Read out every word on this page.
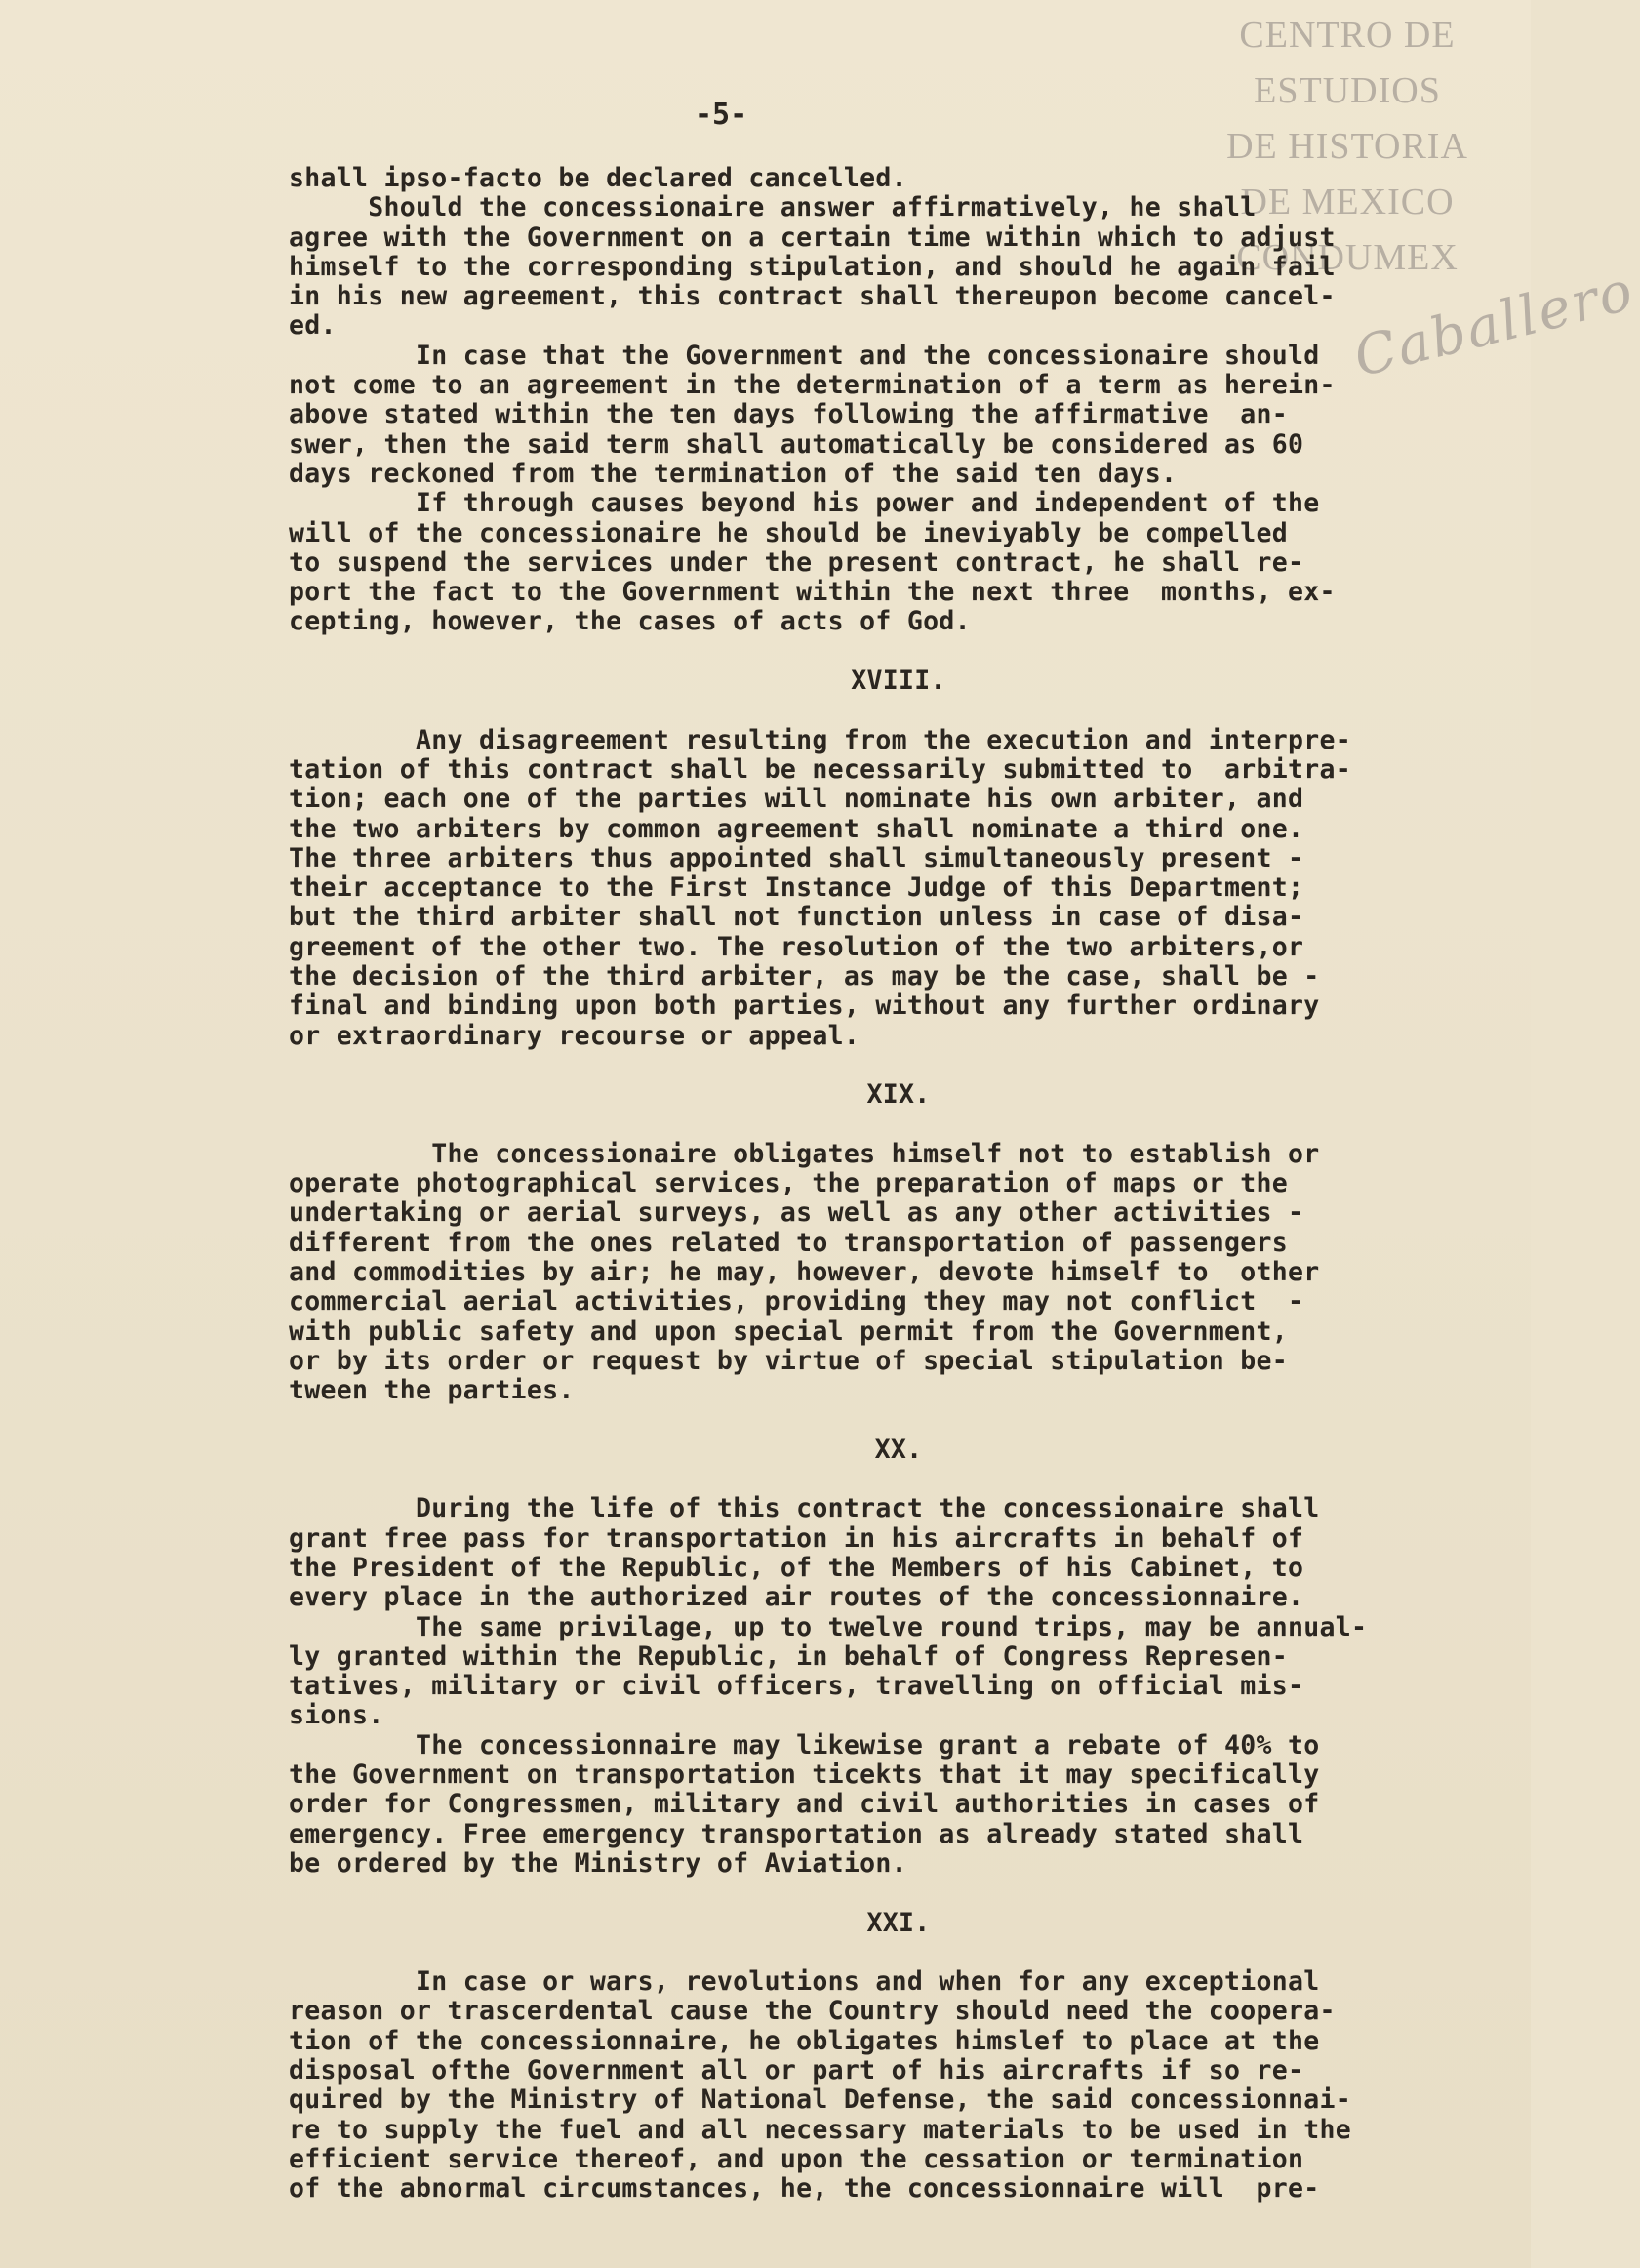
CENTRO DE
ESTUDIOS
DE HISTORIA
DE MEXICO
CONDUMEX
Caballero
-5-
shall ipso-facto be declared cancelled.
Should the concessionaire answer affirmatively, he shall
agree with the Government on a certain time within which to adjust
himself to the corresponding stipulation, and should he again fail
in his new agreement, this contract shall thereupon become cancel-
ed.
In case that the Government and the concessionaire should
not come to an agreement in the determination of a term as herein-
above stated within the ten days following the affirmative  an-
swer, then the said term shall automatically be considered as 60
days reckoned from the termination of the said ten days.
If through causes beyond his power and independent of the
will of the concessionaire he should be ineviyably be compelled
to suspend the services under the present contract, he shall re-
port the fact to the Government within the next three  months, ex-
cepting, however, the cases of acts of God.
XVIII.
Any disagreement resulting from the execution and interpre-
tation of this contract shall be necessarily submitted to  arbitra-
tion; each one of the parties will nominate his own arbiter, and
the two arbiters by common agreement shall nominate a third one.
The three arbiters thus appointed shall simultaneously present -
their acceptance to the First Instance Judge of this Department;
but the third arbiter shall not function unless in case of disa-
greement of the other two. The resolution of the two arbiters,or
the decision of the third arbiter, as may be the case, shall be -
final and binding upon both parties, without any further ordinary
or extraordinary recourse or appeal.
XIX.
The concessionaire obligates himself not to establish or
operate photographical services, the preparation of maps or the
undertaking or aerial surveys, as well as any other activities -
different from the ones related to transportation of passengers
and commodities by air; he may, however, devote himself to  other
commercial aerial activities, providing they may not conflict  -
with public safety and upon special permit from the Government,
or by its order or request by virtue of special stipulation be-
tween the parties.
XX.
During the life of this contract the concessionaire shall
grant free pass for transportation in his aircrafts in behalf of
the President of the Republic, of the Members of his Cabinet, to
every place in the authorized air routes of the concessionnaire.
The same privilage, up to twelve round trips, may be annual-
ly granted within the Republic, in behalf of Congress Represen-
tatives, military or civil officers, travelling on official mis-
sions.
The concessionnaire may likewise grant a rebate of 40% to
the Government on transportation ticekts that it may specifically
order for Congressmen, military and civil authorities in cases of
emergency. Free emergency transportation as already stated shall
be ordered by the Ministry of Aviation.
XXI.
In case or wars, revolutions and when for any exceptional
reason or trascerdental cause the Country should need the coopera-
tion of the concessionnaire, he obligates himslef to place at the
disposal ofthe Government all or part of his aircrafts if so re-
quired by the Ministry of National Defense, the said concessionnai-
re to supply the fuel and all necessary materials to be used in the
efficient service thereof, and upon the cessation or termination
of the abnormal circumstances, he, the concessionnaire will  pre-
